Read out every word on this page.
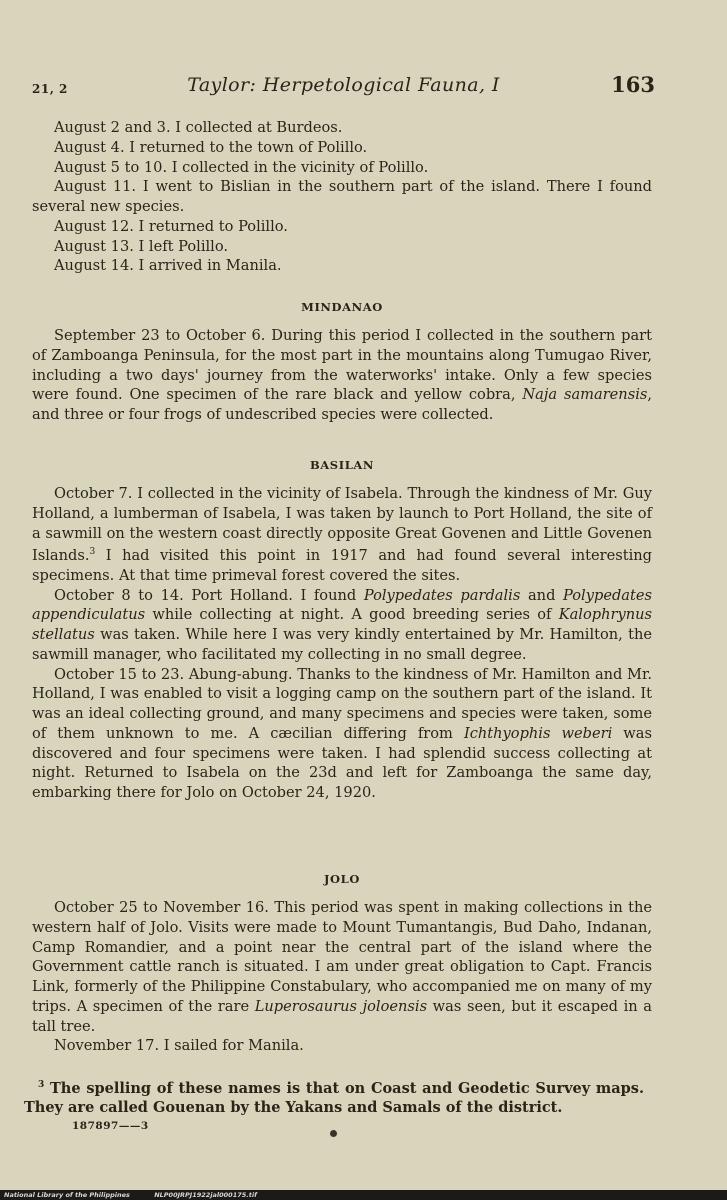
21, 2	Taylor: Herpetological Fauna, I	163

August 2 and 3. I collected at Burdeos.

August 4. I returned to the town of Polillo.

August 5 to 10. I collected in the vicinity of Polillo.

August 11. I went to Bislian in the southern part of the island. There I found several new species.

August 12. I returned to Polillo.

August 13. I left Polillo.

August 14. I arrived in Manila.

MINDANAO

September 23 to October 6. During this period I collected in the southern part of Zamboanga Peninsula, for the most part in the mountains along Tumugao River, including a two days' journey from the waterworks' intake. Only a few species were found. One specimen of the rare black and yellow cobra, Naja samarensis, and three or four frogs of undescribed species were collected.

BASILAN

October 7. I collected in the vicinity of Isabela. Through the kindness of Mr. Guy Holland, a lumberman of Isabela, I was taken by launch to Port Holland, the site of a sawmill on the western coast directly opposite Great Govenen and Little Govenen Islands.$^3$ I had visited this point in 1917 and had found several interesting specimens. At that time primeval forest covered the sites.

October 8 to 14. Port Holland. I found Polypedates pardalis and Polypedates appendiculatus while collecting at night. A good breeding series of Kalophrynus stellatus was taken. While here I was very kindly entertained by Mr. Hamilton, the sawmill manager, who facilitated my collecting in no small degree.

October 15 to 23. Abung-abung. Thanks to the kindness of Mr. Hamilton and Mr. Holland, I was enabled to visit a logging camp on the southern part of the island. It was an ideal collecting ground, and many specimens and species were taken, some of them unknown to me. A cæcilian differing from Ichthyophis weberi was discovered and four specimens were taken. I had splendid success collecting at night. Returned to Isabela on the 23d and left for Zamboanga the same day, embarking there for Jolo on October 24, 1920.

JOLO

October 25 to November 16. This period was spent in making collections in the western half of Jolo. Visits were made to Mount Tumantangis, Bud Daho, Indanan, Camp Romandier, and a point near the central part of the island where the Government cattle ranch is situated. I am under great obligation to Capt. Francis Link, formerly of the Philippine Constabulary, who accompanied me on many of my trips. A specimen of the rare Luperosaurus joloensis was seen, but it escaped in a tall tree.

November 17. I sailed for Manila.

$^3$ The spelling of these names is that on Coast and Geodetic Survey maps. They are called Gouenan by the Yakans and Samals of the district.

187897——3
National Library of the Philippines	NLP00JRPJ1922jal000175.tif
